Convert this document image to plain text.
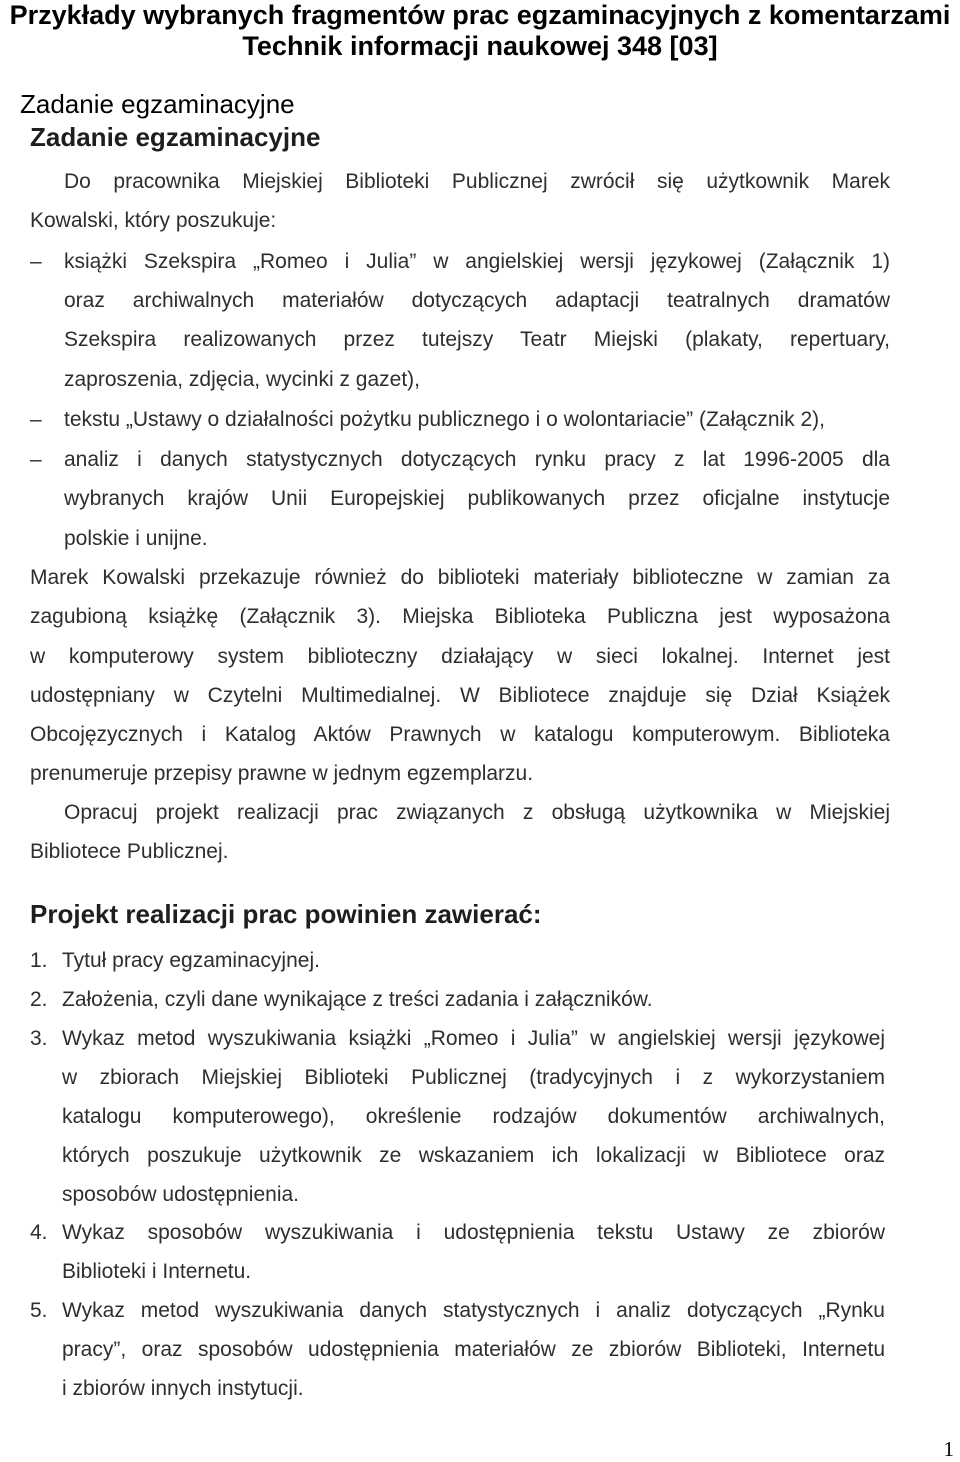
Przykłady wybranych fragmentów prac egzaminacyjnych z komentarzami
Technik informacji naukowej 348 [03]
Zadanie egzaminacyjne
Zadanie egzaminacyjne
Projekt realizacji prac powinien zawierać:
Do pracownika Miejskiej Biblioteki Publicznej zwrócił się użytkownik Marek
Kowalski, który poszukuje:
– książki Szekspira „Romeo i Julia” w angielskiej wersji językowej (Załącznik 1)
oraz archiwalnych materiałów dotyczących adaptacji teatralnych dramatów
Szekspira realizowanych przez tutejszy Teatr Miejski (plakaty, repertuary,
zaproszenia, zdjęcia, wycinki z gazet),
– tekstu „Ustawy o działalności pożytku publicznego i o wolontariacie” (Załącznik 2),
– analiz i danych statystycznych dotyczących rynku pracy z lat 1996-2005 dla
wybranych krajów Unii Europejskiej publikowanych przez oficjalne instytucje
polskie i unijne.
Marek Kowalski przekazuje również do biblioteki materiały biblioteczne w zamian za
zagubioną książkę (Załącznik 3). Miejska Biblioteka Publiczna jest wyposażona
w komputerowy system biblioteczny działający w sieci lokalnej. Internet jest
udostępniany w Czytelni Multimedialnej. W Bibliotece znajduje się Dział Książek
Obcojęzycznych i Katalog Aktów Prawnych w katalogu komputerowym. Biblioteka
prenumeruje przepisy prawne w jednym egzemplarzu.
Opracuj projekt realizacji prac związanych z obsługą użytkownika w Miejskiej
Bibliotece Publicznej.
1. Tytuł pracy egzaminacyjnej.
2. Założenia, czyli dane wynikające z treści zadania i załączników.
3. Wykaz metod wyszukiwania książki „Romeo i Julia” w angielskiej wersji językowej
w zbiorach Miejskiej Biblioteki Publicznej (tradycyjnych i z wykorzystaniem
katalogu komputerowego), określenie rodzajów dokumentów archiwalnych,
których poszukuje użytkownik ze wskazaniem ich lokalizacji w Bibliotece oraz
sposobów udostępnienia.
4. Wykaz sposobów wyszukiwania i udostępnienia tekstu Ustawy ze zbiorów
Biblioteki i Internetu.
5. Wykaz metod wyszukiwania danych statystycznych i analiz dotyczących „Rynku
pracy”, oraz sposobów udostępnienia materiałów ze zbiorów Biblioteki, Internetu
i zbiorów innych instytucji.
1
